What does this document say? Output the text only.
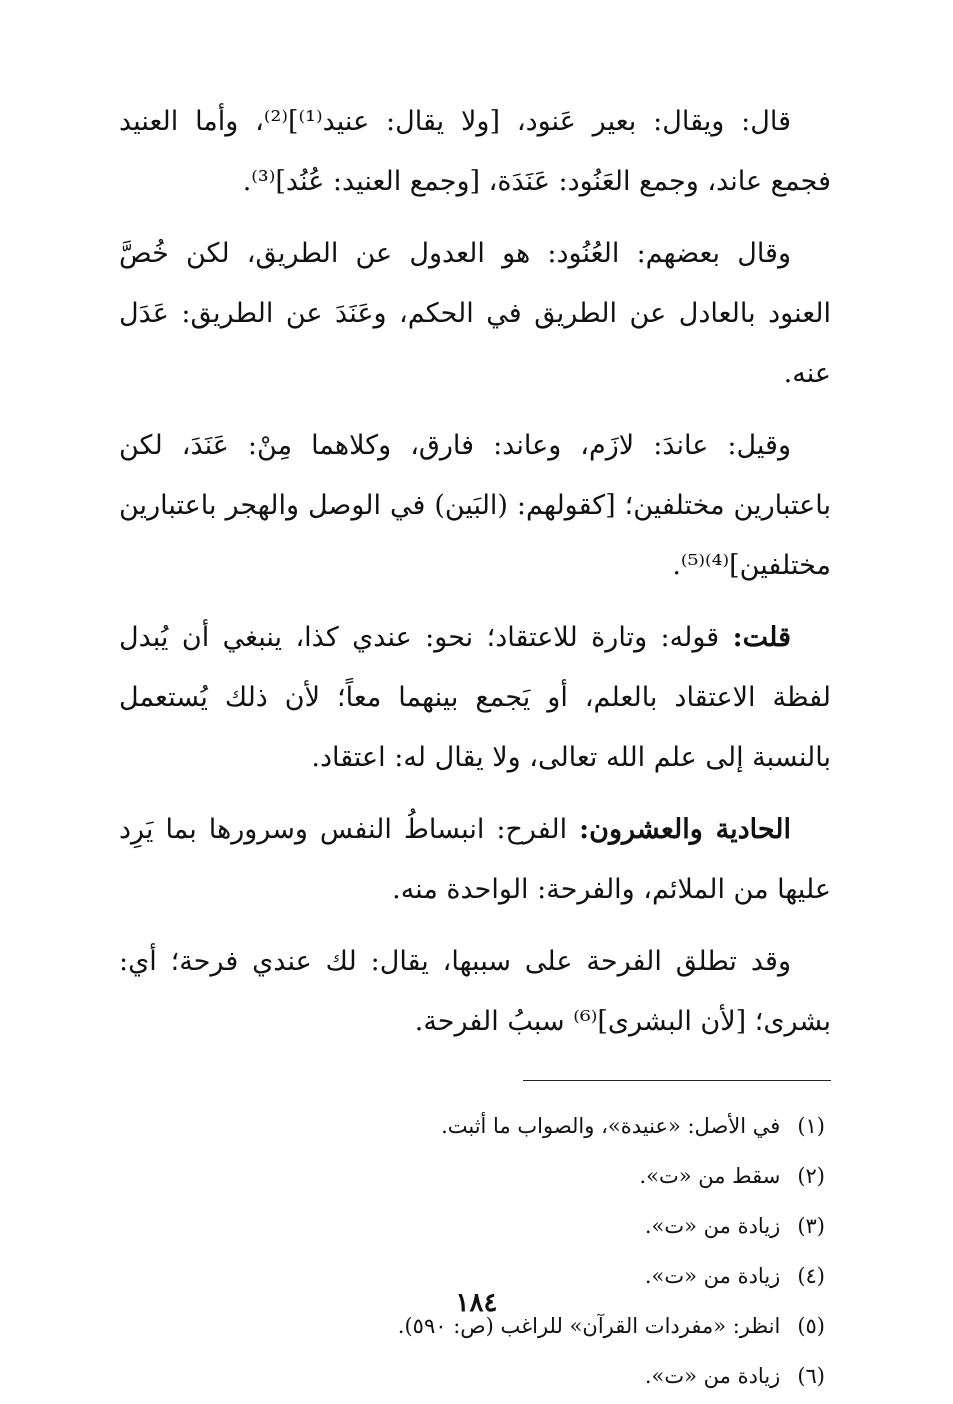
قال: ويقال: بعير عَنود، [ولا يقال: عنيد⁽¹⁾]⁽²⁾، وأما العنيد فجمع عاند، وجمع العَنُود: عَنَدَة، [وجمع العنيد: عُنُد]⁽³⁾.

وقال بعضهم: العُنُود: هو العدول عن الطريق، لكن خُصَّ العنود بالعادل عن الطريق في الحكم، وعَنَدَ عن الطريق: عَدَل عنه.

وقيل: عاندَ: لازَم، وعاند: فارق، وكلاهما مِنْ: عَنَدَ، لكن باعتبارين مختلفين؛ [كقولهم: (البَين) في الوصل والهجر باعتبارين مختلفين]⁽⁴⁾⁽⁵⁾.

قلت: قوله: وتارة للاعتقاد؛ نحو: عندي كذا، ينبغي أن يُبدل لفظة الاعتقاد بالعلم، أو يَجمع بينهما معاً؛ لأن ذلك يُستعمل بالنسبة إلى علم الله تعالى، ولا يقال له: اعتقاد.

الحادية والعشرون: الفرح: انبساطُ النفس وسرورها بما يَرِد عليها من الملائم، والفرحة: الواحدة منه.

وقد تطلق الفرحة على سببها، يقال: لك عندي فرحة؛ أي: بشرى؛ [لأن البشرى]⁽⁶⁾ سببُ الفرحة.

(١) في الأصل: «عنيدة»، والصواب ما أثبت.
(٢) سقط من «ت».
(٣) زيادة من «ت».
(٤) زيادة من «ت».
(٥) انظر: «مفردات القرآن» للراغب (ص: ٥٩٠).
(٦) زيادة من «ت».
١٨٤
